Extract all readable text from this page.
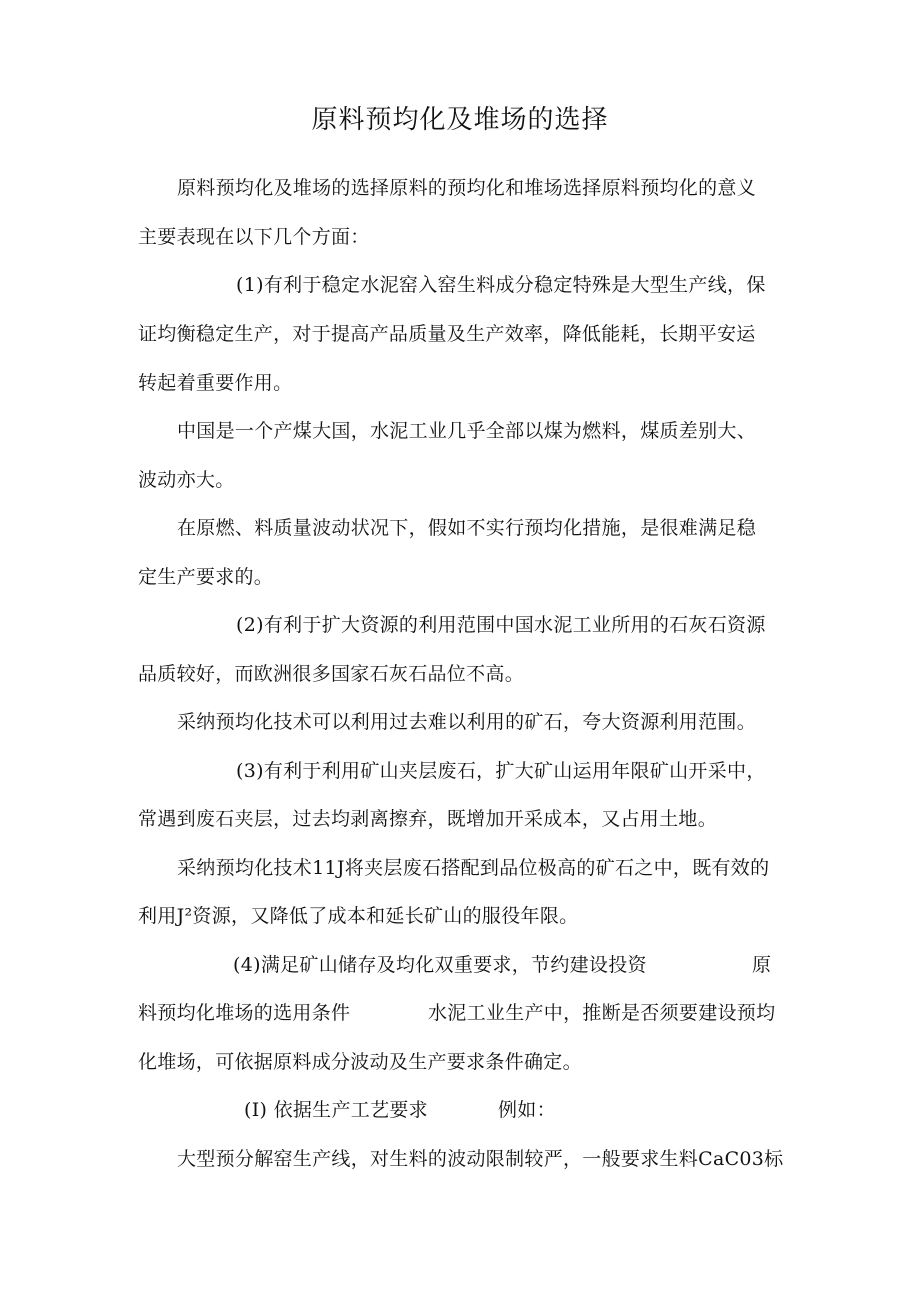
原料预均化及堆场的选择
原料预均化及堆场的选择原料的预均化和堆场选择原料预均化的意义
主要表现在以下几个方面：
(1)有利于稳定水泥窑入窑生料成分稳定特殊是大型生产线，保
证均衡稳定生产，对于提高产品质量及生产效率，降低能耗，长期平安运
转起着重要作用。
中国是一个产煤大国，水泥工业几乎全部以煤为燃料，煤质差别大、
波动亦大。
在原燃、料质量波动状况下，假如不实行预均化措施，是很难满足稳
定生产要求的。
(2)有利于扩大资源的利用范围中国水泥工业所用的石灰石资源
品质较好，而欧洲很多国家石灰石品位不高。
采纳预均化技术可以利用过去难以利用的矿石，夸大资源利用范围。
(3)有利于利用矿山夹层废石，扩大矿山运用年限矿山开采中，
常遇到废石夹层，过去均剥离擦弃，既增加开采成本，又占用土地。
采纳预均化技术11J将夹层废石搭配到品位极高的矿石之中，既有效的
利用J²资源，又降低了成本和延长矿山的服役年限。
(4)满足矿山储存及均化双重要求，节约建设投资	原
料预均化堆场的选用条件	水泥工业生产中，推断是否须要建设预均
化堆场，可依据原料成分波动及生产要求条件确定。
(I) 依据生产工艺要求	例如：
大型预分解窑生产线，对生料的波动限制较严，一般要求生料CaC03标
